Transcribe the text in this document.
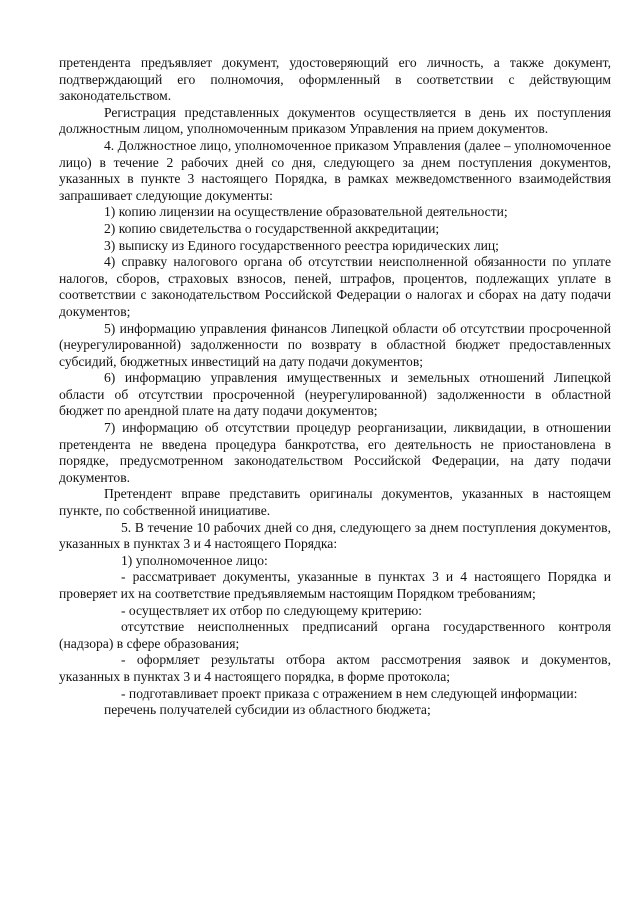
претендента предъявляет документ, удостоверяющий его личность, а также документ, подтверждающий его полномочия, оформленный в соответствии с действующим законодательством.

Регистрация представленных документов осуществляется в день их поступления должностным лицом, уполномоченным приказом Управления на прием документов.

4. Должностное лицо, уполномоченное приказом Управления (далее – уполномоченное лицо) в течение 2 рабочих дней со дня, следующего за днем поступления документов, указанных в пункте 3 настоящего Порядка, в рамках межведомственного взаимодействия запрашивает следующие документы:

1) копию лицензии на осуществление образовательной деятельности;

2) копию свидетельства о государственной аккредитации;

3) выписку из Единого государственного реестра юридических лиц;

4) справку налогового органа об отсутствии неисполненной обязанности по уплате налогов, сборов, страховых взносов, пеней, штрафов, процентов, подлежащих уплате в соответствии с законодательством Российской Федерации о налогах и сборах на дату подачи документов;

5) информацию управления финансов Липецкой области об отсутствии просроченной (неурегулированной) задолженности по возврату в областной бюджет предоставленных субсидий, бюджетных инвестиций на дату подачи документов;

6) информацию управления имущественных и земельных отношений Липецкой области об отсутствии просроченной (неурегулированной) задолженности в областной бюджет по арендной плате на дату подачи документов;

7) информацию об отсутствии процедур реорганизации, ликвидации, в отношении претендента не введена процедура банкротства, его деятельность не приостановлена в порядке, предусмотренном законодательством Российской Федерации, на дату подачи документов.

Претендент вправе представить оригиналы документов, указанных в настоящем пункте, по собственной инициативе.

5. В течение 10 рабочих дней со дня, следующего за днем поступления документов, указанных в пунктах 3 и 4 настоящего Порядка:

1) уполномоченное лицо:

- рассматривает документы, указанные в пунктах 3 и 4 настоящего Порядка и проверяет их на соответствие предъявляемым настоящим Порядком требованиям;

- осуществляет их отбор по следующему критерию:

отсутствие неисполненных предписаний органа государственного контроля (надзора) в сфере образования;

- оформляет результаты отбора актом рассмотрения заявок и документов, указанных в пунктах 3 и 4 настоящего порядка, в форме протокола;

- подготавливает проект приказа с отражением в нем следующей информации:

перечень получателей субсидии из областного бюджета;
